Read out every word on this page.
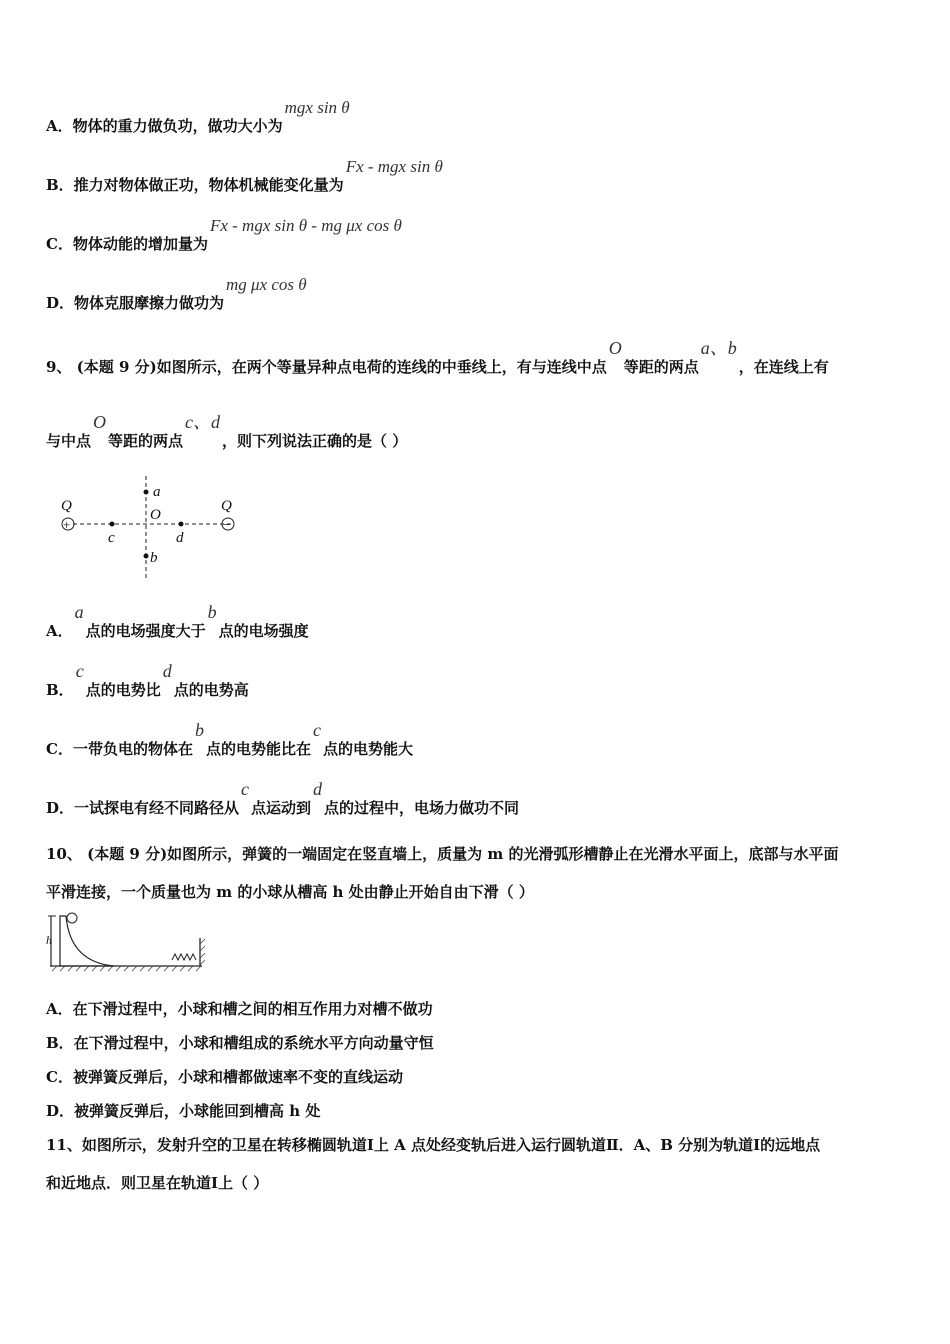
A．物体的重力做负功，做功大小为mgx sin θ
B．推力对物体做正功，物体机械能变化量为Fx - mgx sin θ
C．物体动能的增加量为Fx - mgx sin θ - mg μx cos θ
D．物体克服摩擦力做功为mg μx cos θ
9、 (本题 9 分)如图所示，在两个等量异种点电荷的连线的中垂线上，有与连线中点O等距的两点a、b，在连线上有
与中点O等距的两点c、d，则下列说法正确的是（ ）
+	−
Q	Q
a
b
c	d
O
A．a点的电场强度大于b点的电场强度
B．c点的电势比d点的电势高
C．一带负电的物体在b点的电势能比在c点的电势能大
D．一试探电有经不同路径从c点运动到d点的过程中，电场力做功不同
10、 (本题 9 分)如图所示，弹簧的一端固定在竖直墙上，质量为 m 的光滑弧形槽静止在光滑水平面上，底部与水平面
平滑连接，一个质量也为 m 的小球从槽高 h 处由静止开始自由下滑（ ）
h
A．在下滑过程中，小球和槽之间的相互作用力对槽不做功
B．在下滑过程中，小球和槽组成的系统水平方向动量守恒
C．被弹簧反弹后，小球和槽都做速率不变的直线运动
D．被弹簧反弹后，小球能回到槽高 h 处
11、如图所示，发射升空的卫星在转移椭圆轨道Ⅰ上 A 点处经变轨后进入运行圆轨道Ⅱ．A、B 分别为轨道Ⅰ的远地点
和近地点．则卫星在轨道Ⅰ上（ ）
